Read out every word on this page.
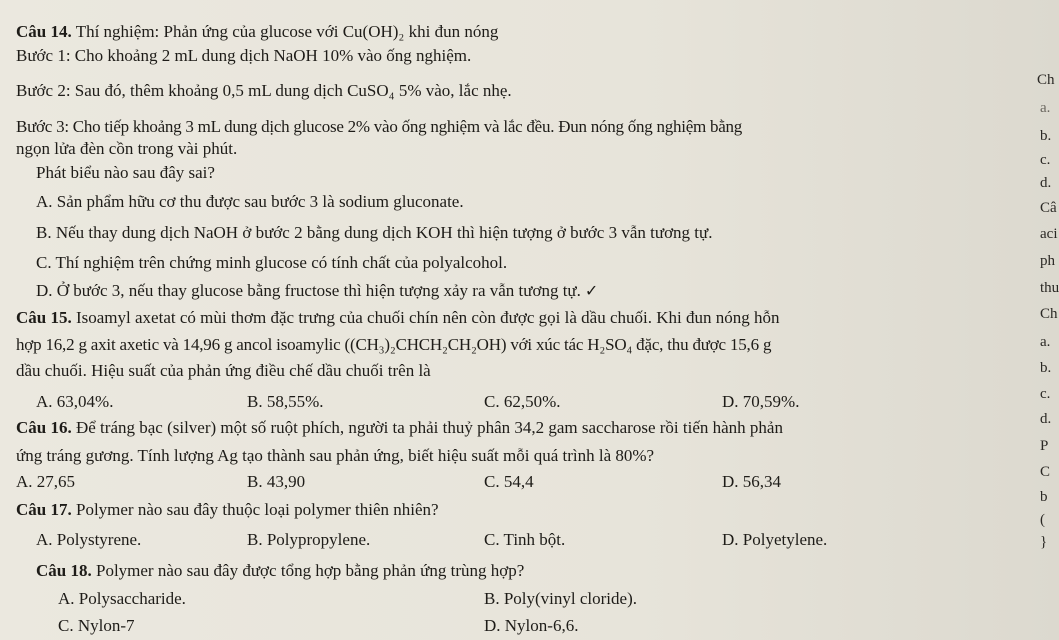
Câu 14. Thí nghiệm: Phản ứng của glucose với Cu(OH)₂ khi đun nóng
Bước 1: Cho khoảng 2 mL dung dịch NaOH 10% vào ống nghiệm.
Bước 2: Sau đó, thêm khoảng 0,5 mL dung dịch CuSO₄ 5% vào, lắc nhẹ.
Bước 3: Cho tiếp khoảng 3 mL dung dịch glucose 2% vào ống nghiệm và lắc đều. Đun nóng ống nghiệm bằng
ngọn lửa đèn cồn trong vài phút.
Phát biểu nào sau đây sai?
A. Sản phẩm hữu cơ thu được sau bước 3 là sodium gluconate.
B. Nếu thay dung dịch NaOH ở bước 2 bằng dung dịch KOH thì hiện tượng ở bước 3 vẫn tương tự.
C. Thí nghiệm trên chứng minh glucose có tính chất của polyalcohol.
D. Ở bước 3, nếu thay glucose bằng fructose thì hiện tượng xảy ra vẫn tương tự. ✓
Câu 15. Isoamyl axetat có mùi thơm đặc trưng của chuối chín nên còn được gọi là dầu chuối. Khi đun nóng hỗn
hợp 16,2 g axit axetic và 14,96 g ancol isoamylic ((CH₃)₂CHCH₂CH₂OH) với xúc tác H₂SO₄ đặc, thu được 15,6 g
dầu chuối. Hiệu suất của phản ứng điều chế dầu chuối trên là
A. 63,04%.	B. 58,55%.	C. 62,50%.	D. 70,59%.
Câu 16. Để tráng bạc (silver) một số ruột phích, người ta phải thuỷ phân 34,2 gam saccharose rồi tiến hành phản
ứng tráng gương. Tính lượng Ag tạo thành sau phản ứng, biết hiệu suất mỗi quá trình là 80%?
A. 27,65	B. 43,90	C. 54,4	D. 56,34
Câu 17. Polymer nào sau đây thuộc loại polymer thiên nhiên?
A. Polystyrene.	B. Polypropylene.	C. Tinh bột.	D. Polyetylene.
Câu 18. Polymer nào sau đây được tổng hợp bằng phản ứng trùng hợp?
A. Polysaccharide.	B. Poly(vinyl cloride).
C. Nylon-7	D. Nylon-6,6.
Ch
a.
b.
c.
d.
Câ
aci
ph
thu
Ch
a.
b.
c.
d.
P
C
b
(
}
